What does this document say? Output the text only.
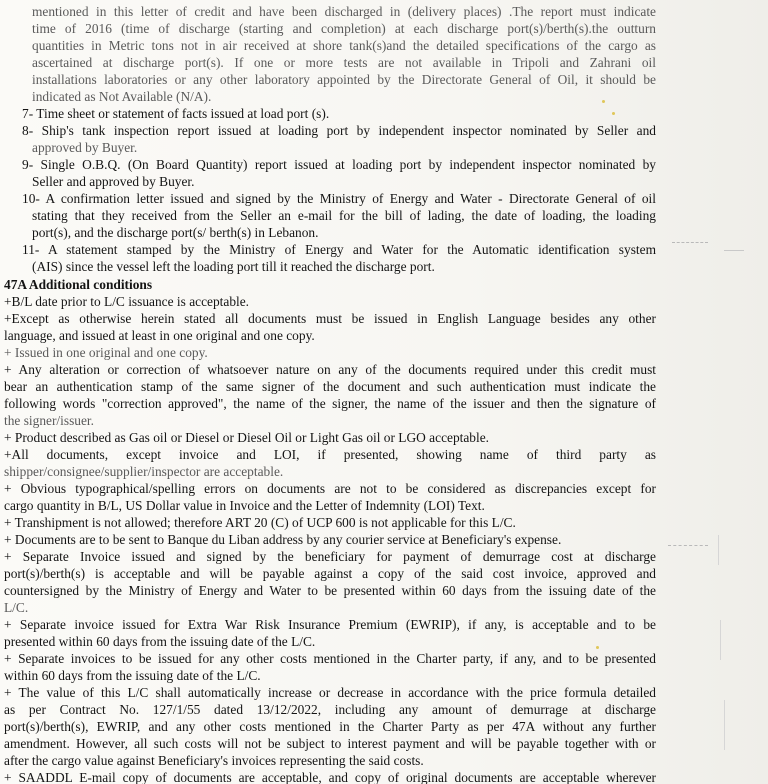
mentioned in this letter of credit and have been discharged in (delivery places) .The report must indicate
time of 2016 (time of discharge (starting and completion) at each discharge port(s)/berth(s).the outturn
quantities in Metric tons not in air received at shore tank(s)and the detailed specifications of the cargo as
ascertained at discharge port(s). If one or more tests are not available in Tripoli and Zahrani oil
installations laboratories or any other laboratory appointed by the Directorate General of Oil, it should be
indicated as Not Available (N/A).
7- Time sheet or statement of facts issued at load port (s).
8- Ship's tank inspection report issued at loading port by independent inspector nominated by Seller and
approved by Buyer.
9- Single O.B.Q. (On Board Quantity) report issued at loading port by independent inspector nominated by
Seller and approved by Buyer.
10- A confirmation letter issued and signed by the Ministry of Energy and Water - Directorate General of oil
stating that they received from the Seller an e-mail for the bill of lading, the date of loading, the loading
port(s), and the discharge port(s/ berth(s) in Lebanon.
11- A statement stamped by the Ministry of Energy and Water for the Automatic identification system
(AIS) since the vessel left the loading port till it reached the discharge port.
47A Additional conditions
+B/L date prior to L/C issuance is acceptable.
+Except as otherwise herein stated all documents must be issued in English Language besides any other
language, and issued at least in one original and one copy.
+ Issued in one original and one copy.
+ Any alteration or correction of whatsoever nature on any of the documents required under this credit must
bear an authentication stamp of the same signer of the document and such authentication must indicate the
following words "correction approved", the name of the signer, the name of the issuer and then the signature of
the signer/issuer.
+ Product described as Gas oil or Diesel or Diesel Oil or Light Gas oil or LGO acceptable.
+All documents, except invoice and LOI, if presented, showing name of third party as
shipper/consignee/supplier/inspector are acceptable.
+ Obvious typographical/spelling errors on documents are not to be considered as discrepancies except for
cargo quantity in B/L, US Dollar value in Invoice and the Letter of Indemnity (LOI) Text.
+ Transhipment is not allowed; therefore ART 20 (C) of UCP 600 is not applicable for this L/C.
+ Documents are to be sent to Banque du Liban address by any courier service at Beneficiary's expense.
+ Separate Invoice issued and signed by the beneficiary for payment of demurrage cost at discharge
port(s)/berth(s) is acceptable and will be payable against a copy of the said cost invoice, approved and
countersigned by the Ministry of Energy and Water to be presented within 60 days from the issuing date of the
L/C.
+ Separate invoice issued for Extra War Risk Insurance Premium (EWRIP), if any, is acceptable and to be
presented within 60 days from the issuing date of the L/C.
+ Separate invoices to be issued for any other costs mentioned in the Charter party, if any, and to be presented
within 60 days from the issuing date of the L/C.
+ The value of this L/C shall automatically increase or decrease in accordance with the price formula detailed
as per Contract No. 127/1/55 dated 13/12/2022, including any amount of demurrage at discharge
port(s)/berth(s), EWRIP, and any other costs mentioned in the Charter Party as per 47A without any further
amendment. However, all such costs will not be subject to interest payment and will be payable together with or
after the cargo value against Beneficiary's invoices representing the said costs.
+ SAADDL E-mail copy of documents are acceptable, and copy of original documents are acceptable wherever
